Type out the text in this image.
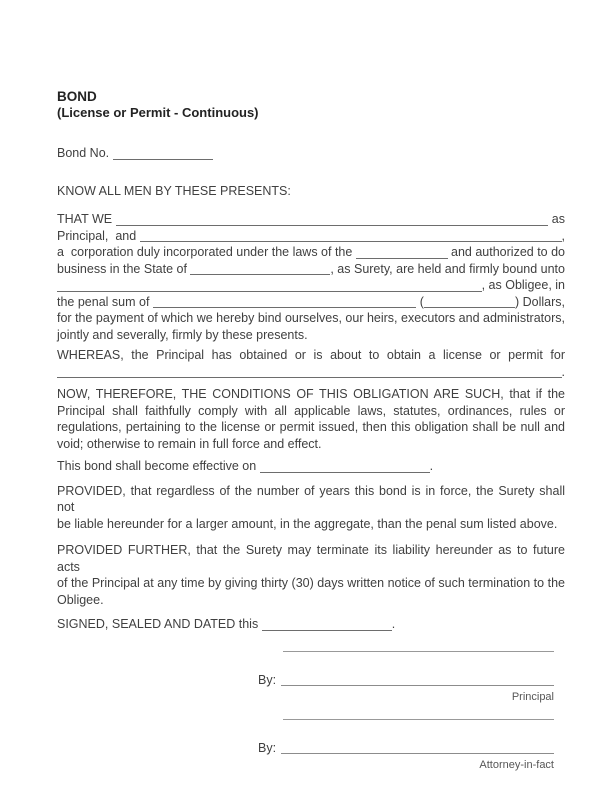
BOND
(License or Permit - Continuous)
Bond No.

KNOW ALL MEN BY THESE PRESENTS:
THAT WE	as
Principal,  and	,
a  corporation duly incorporated under the laws of the	and authorized to do
business in the State of	, as Surety, are held and firmly bound unto
, as Obligee, in
the penal sum of	(	) Dollars,
for the payment of which we hereby bind ourselves, our heirs, executors and administrators,
jointly and severally, firmly by these presents.
WHEREAS, the Principal has obtained or is about to obtain a license or permit for
.
NOW, THEREFORE, THE CONDITIONS OF THIS OBLIGATION ARE SUCH, that if the
Principal shall faithfully comply with all applicable laws, statutes, ordinances, rules or
regulations, pertaining to the license or permit issued, then this obligation shall be null and
void; otherwise to remain in full force and effect.
This bond shall become effective on	.
PROVIDED, that regardless of the number of years this bond is in force, the Surety shall not
be liable hereunder for a larger amount, in the aggregate, than the penal sum listed above.
PROVIDED FURTHER, that the Surety may terminate its liability hereunder as to future acts
of the Principal at any time by giving thirty (30) days written notice of such termination to the
Obligee.
SIGNED, SEALED AND DATED this	.
By:
Principal
By:
Attorney-in-fact
